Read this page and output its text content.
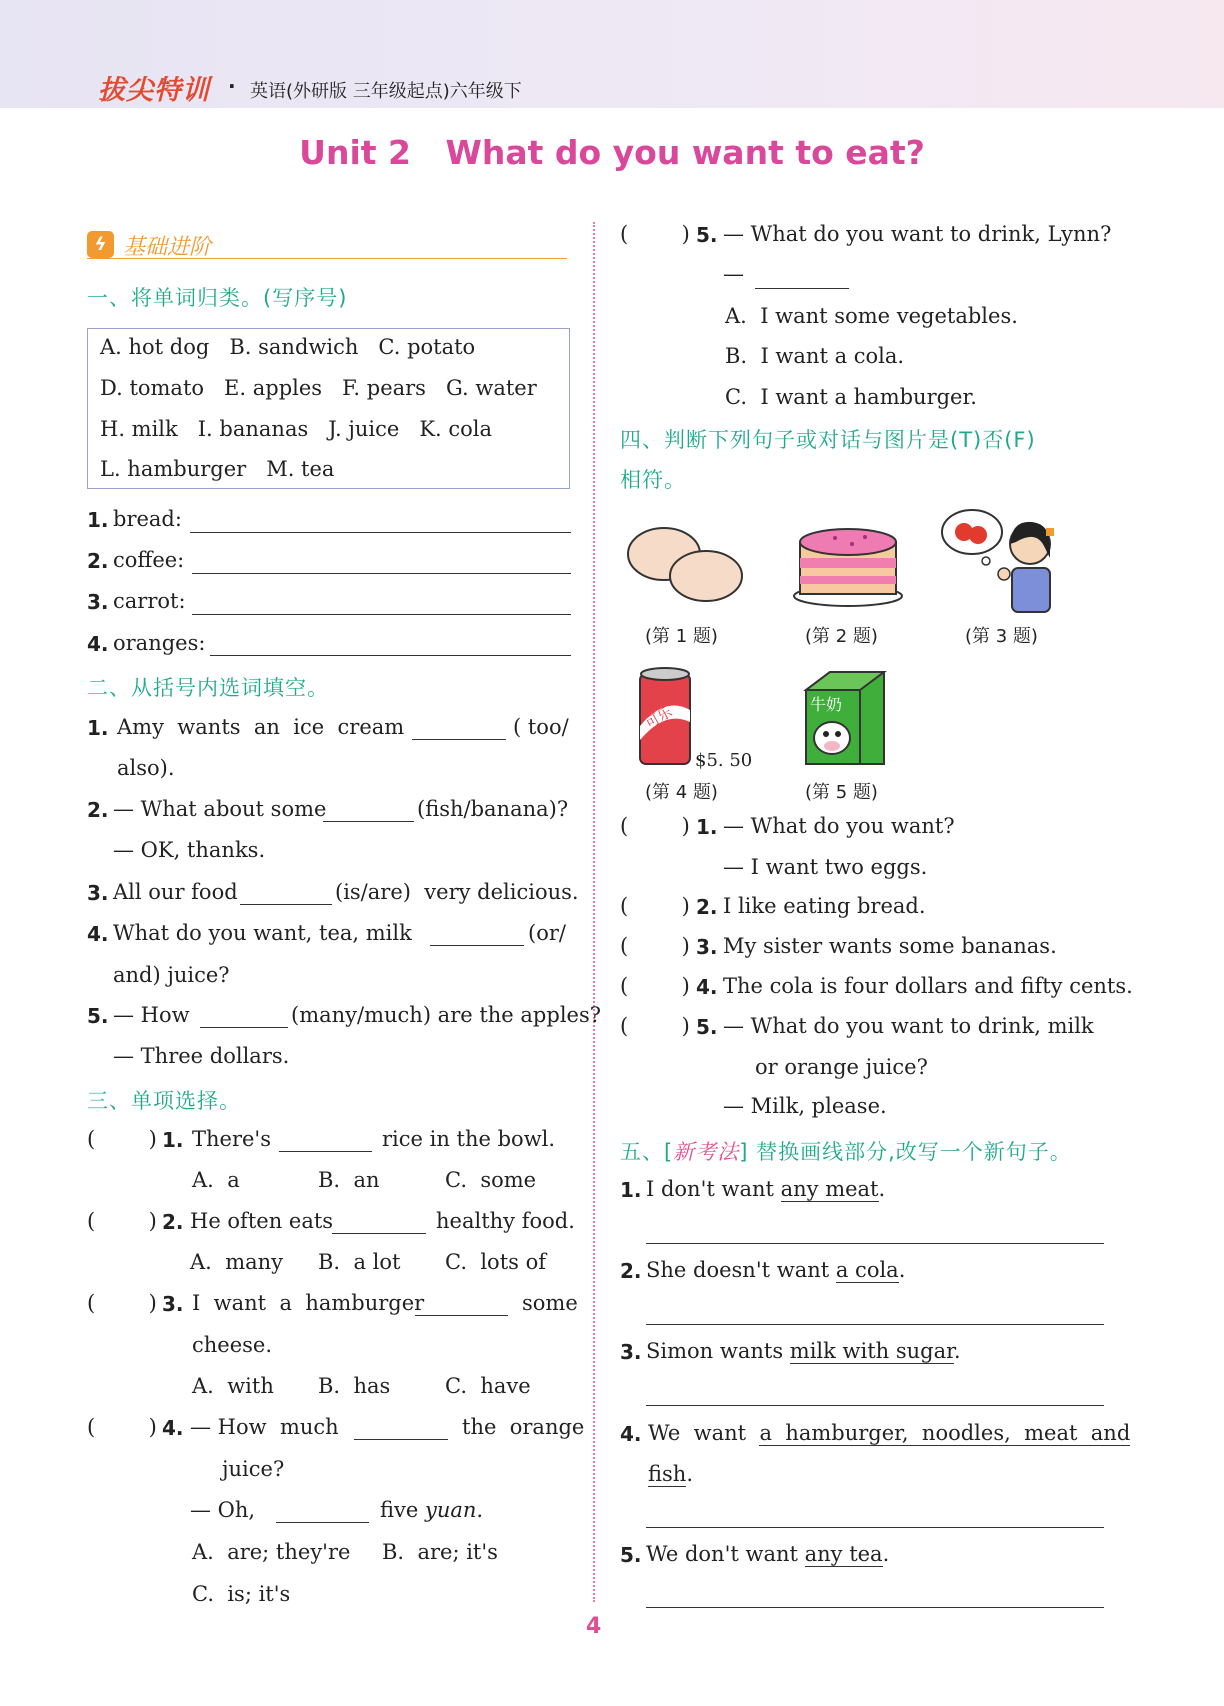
拔尖特训 · 英语(外研版 三年级起点)六年级下
Unit 2   What do you want to eat?
ϟ 基础进阶
一、将单词归类。(写序号)
A. hot dog   B. sandwich   C. potato
D. tomato   E. apples   F. pears   G. water
H. milk   I. bananas   J. juice   K. cola
L. hamburger   M. tea
1. bread:
2. coffee:
3. carrot:
4. oranges:
二、从括号内选词填空。
1. Amy  wants  an  ice  cream	( too/
also).
2. — What about some	(fish/banana)?
— OK, thanks.
3. All our food	(is/are)  very delicious.
4. What do you want, tea, milk	(or/
and) juice?
5. — How	(many/much) are the apples?
— Three dollars.
三、单项选择。
(        ) 1. There's	rice in the bowl.
A.  a	B.  an	C.  some
(        ) 2. He often eats	healthy food.
A.  many B.  a lot C.  lots of
(        ) 3. I  want  a  hamburger	some
cheese.
A.  with B.  has	C.  have
(        ) 4. — How  much	the  orange
juice?
— Oh,	five yuan.
A.  are; they're B.  are; it's
C.  is; it's
(        ) 5. — What do you want to drink, Lynn?
—
A.  I want some vegetables.
B.  I want a cola.
C.  I want a hamburger.
四、判断下列句子或对话与图片是(T)否(F)
相符。
(第 1 题)	(第 2 题)	(第 3 题)
可乐
$5. 50
(第 4 题)
牛奶
(第 5 题)
(        ) 1. — What do you want?
— I want two eggs.
(        ) 2. I like eating bread.
(        ) 3. My sister wants some bananas.
(        ) 4. The cola is four dollars and fifty cents.
(        ) 5. — What do you want to drink, milk
or orange juice?
— Milk, please.
五、[新考法] 替换画线部分,改写一个新句子。
1. I don't want any meat.
2. She doesn't want a cola.
3. Simon wants milk with sugar.
4. We  want  a  hamburger,  noodles,  meat  and
fish.
5. We don't want any tea.
4
